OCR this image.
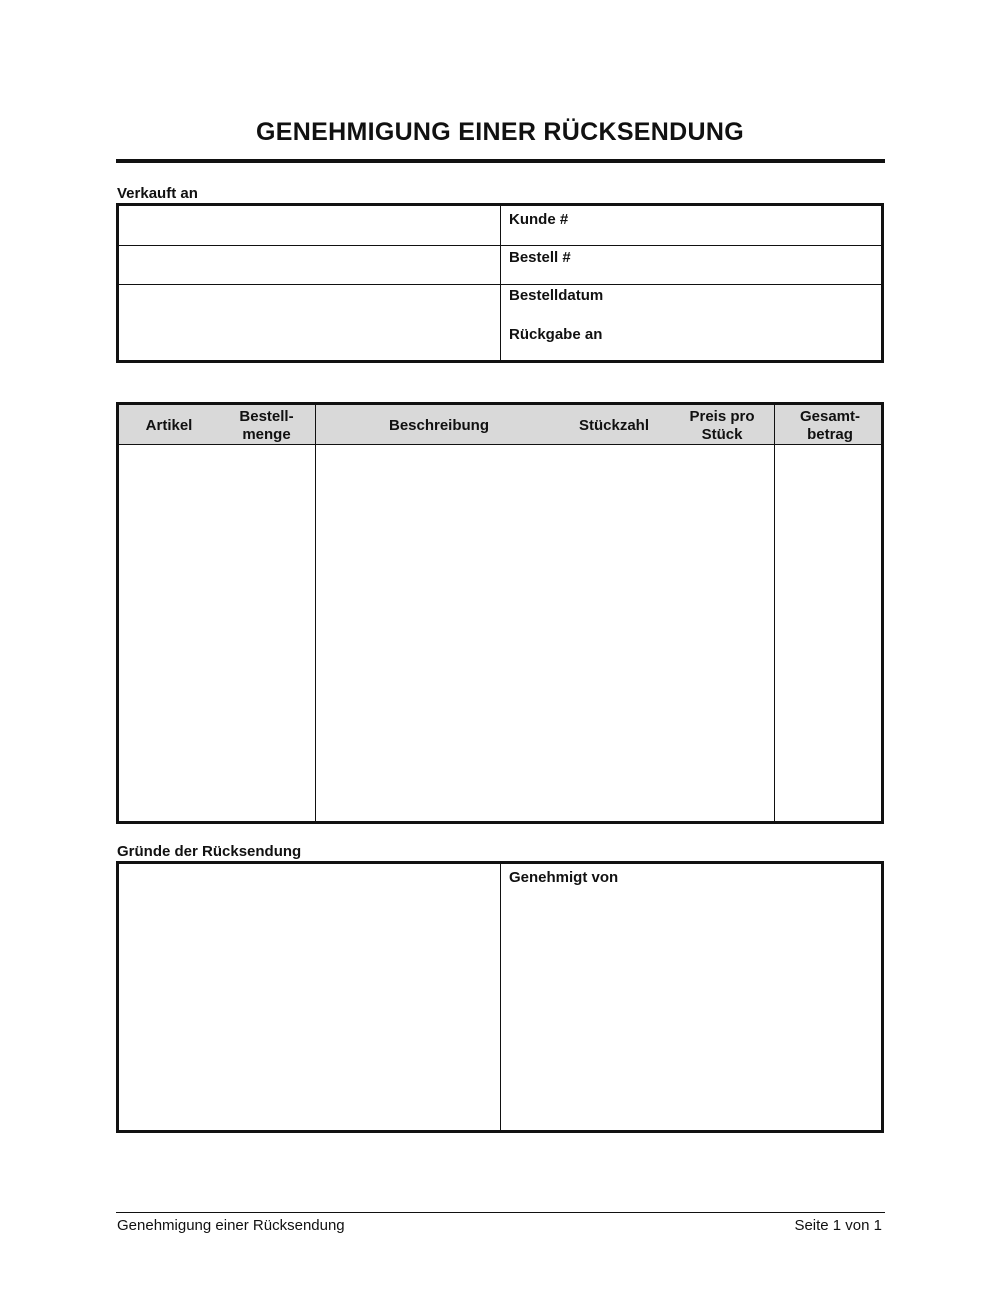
GENEHMIGUNG EINER RÜCKSENDUNG
Verkauft an
Kunde #
Bestell #
Bestelldatum
Rückgabe an
Artikel
Bestell-
menge
Beschreibung	Stückzahl
Preis pro
Stück
Gesamt-
betrag
Gründe der Rücksendung
Genehmigt von
Genehmigung einer Rücksendung	Seite 1 von 1
